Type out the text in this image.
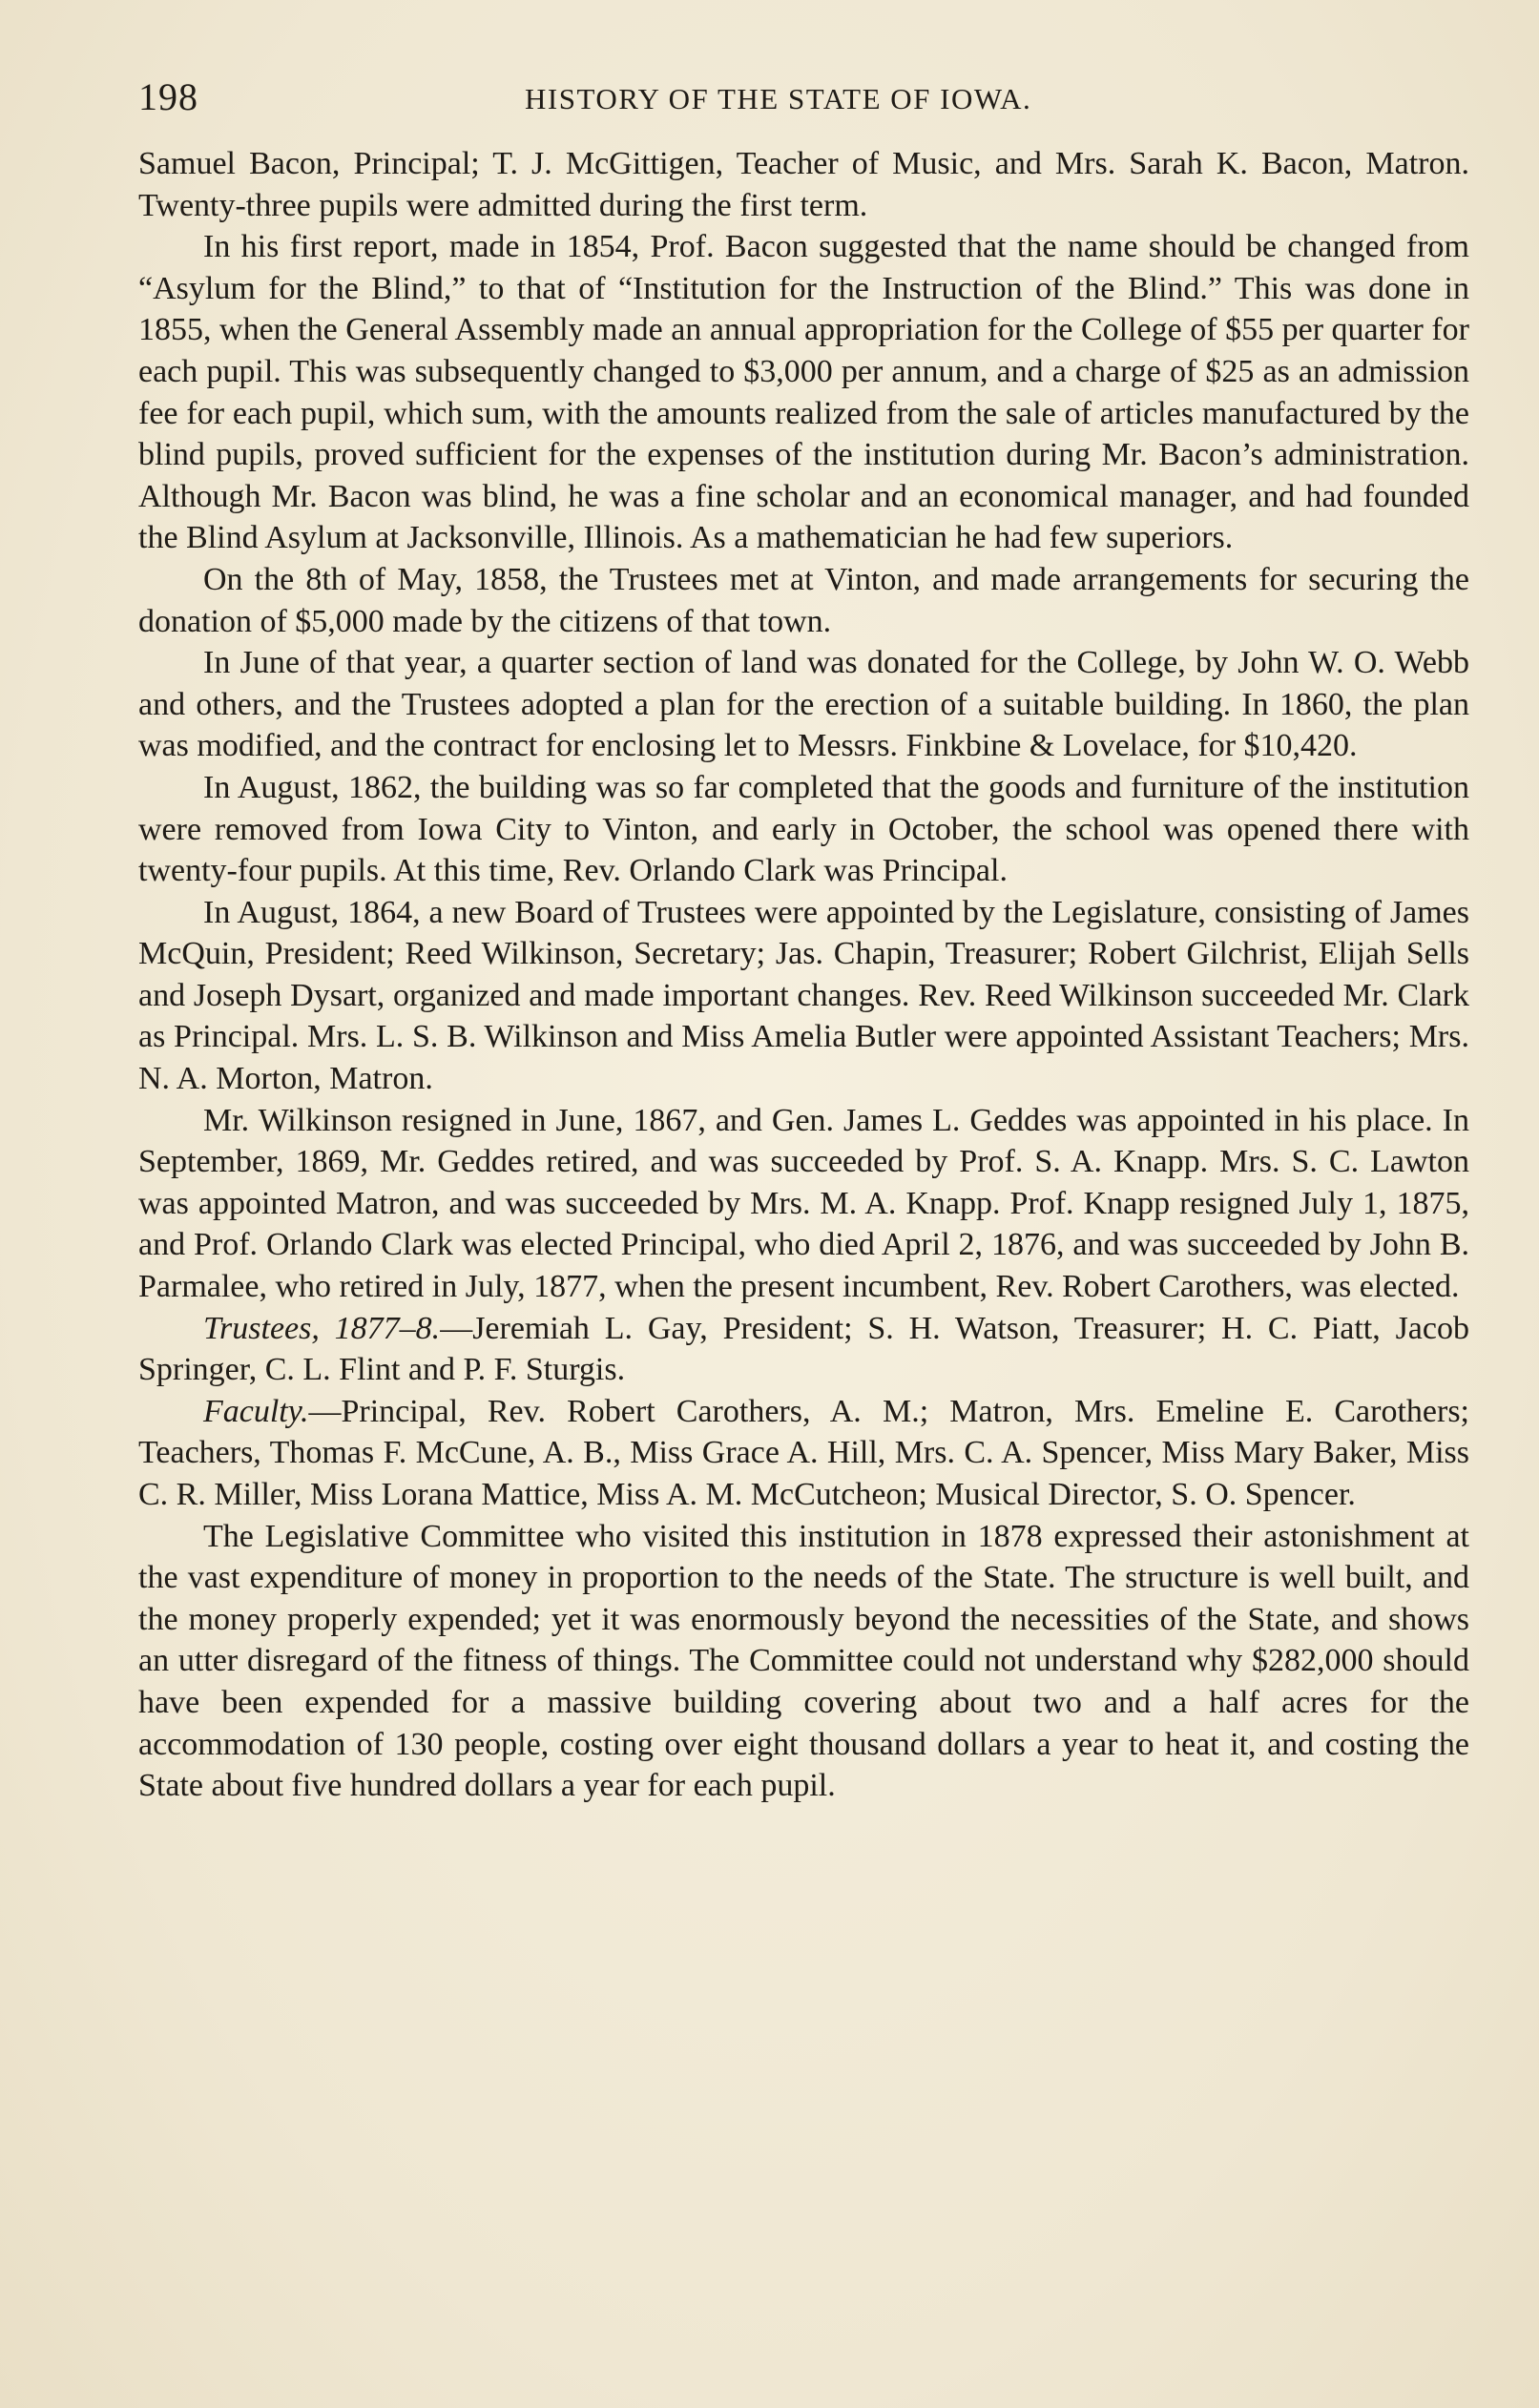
198	HISTORY OF THE STATE OF IOWA.

Samuel Bacon, Principal; T. J. McGittigen, Teacher of Music, and Mrs. Sarah K. Bacon, Matron. Twenty-three pupils were admitted during the first term.

In his first report, made in 1854, Prof. Bacon suggested that the name should be changed from “Asylum for the Blind,” to that of “Institution for the Instruction of the Blind.” This was done in 1855, when the General Assembly made an annual appropriation for the College of $55 per quarter for each pupil. This was subsequently changed to $3,000 per annum, and a charge of $25 as an admission fee for each pupil, which sum, with the amounts realized from the sale of articles manufactured by the blind pupils, proved sufficient for the expenses of the institution during Mr. Bacon’s administration. Although Mr. Bacon was blind, he was a fine scholar and an economical manager, and had founded the Blind Asylum at Jacksonville, Illinois. As a mathematician he had few superiors.

On the 8th of May, 1858, the Trustees met at Vinton, and made arrangements for securing the donation of $5,000 made by the citizens of that town.

In June of that year, a quarter section of land was donated for the College, by John W. O. Webb and others, and the Trustees adopted a plan for the erection of a suitable building. In 1860, the plan was modified, and the contract for enclosing let to Messrs. Finkbine & Lovelace, for $10,420.

In August, 1862, the building was so far completed that the goods and furniture of the institution were removed from Iowa City to Vinton, and early in October, the school was opened there with twenty-four pupils. At this time, Rev. Orlando Clark was Principal.

In August, 1864, a new Board of Trustees were appointed by the Legislature, consisting of James McQuin, President; Reed Wilkinson, Secretary; Jas. Chapin, Treasurer; Robert Gilchrist, Elijah Sells and Joseph Dysart, organized and made important changes. Rev. Reed Wilkinson succeeded Mr. Clark as Principal. Mrs. L. S. B. Wilkinson and Miss Amelia Butler were appointed Assistant Teachers; Mrs. N. A. Morton, Matron.

Mr. Wilkinson resigned in June, 1867, and Gen. James L. Geddes was appointed in his place. In September, 1869, Mr. Geddes retired, and was succeeded by Prof. S. A. Knapp. Mrs. S. C. Lawton was appointed Matron, and was succeeded by Mrs. M. A. Knapp. Prof. Knapp resigned July 1, 1875, and Prof. Orlando Clark was elected Principal, who died April 2, 1876, and was succeeded by John B. Parmalee, who retired in July, 1877, when the present incumbent, Rev. Robert Carothers, was elected.

Trustees, 1877–8.—Jeremiah L. Gay, President; S. H. Watson, Treasurer; H. C. Piatt, Jacob Springer, C. L. Flint and P. F. Sturgis.

Faculty.—Principal, Rev. Robert Carothers, A. M.; Matron, Mrs. Emeline E. Carothers; Teachers, Thomas F. McCune, A. B., Miss Grace A. Hill, Mrs. C. A. Spencer, Miss Mary Baker, Miss C. R. Miller, Miss Lorana Mattice, Miss A. M. McCutcheon; Musical Director, S. O. Spencer.

The Legislative Committee who visited this institution in 1878 expressed their astonishment at the vast expenditure of money in proportion to the needs of the State. The structure is well built, and the money properly expended; yet it was enormously beyond the necessities of the State, and shows an utter disregard of the fitness of things. The Committee could not understand why $282,000 should have been expended for a massive building covering about two and a half acres for the accommodation of 130 people, costing over eight thousand dollars a year to heat it, and costing the State about five hundred dollars a year for each pupil.
